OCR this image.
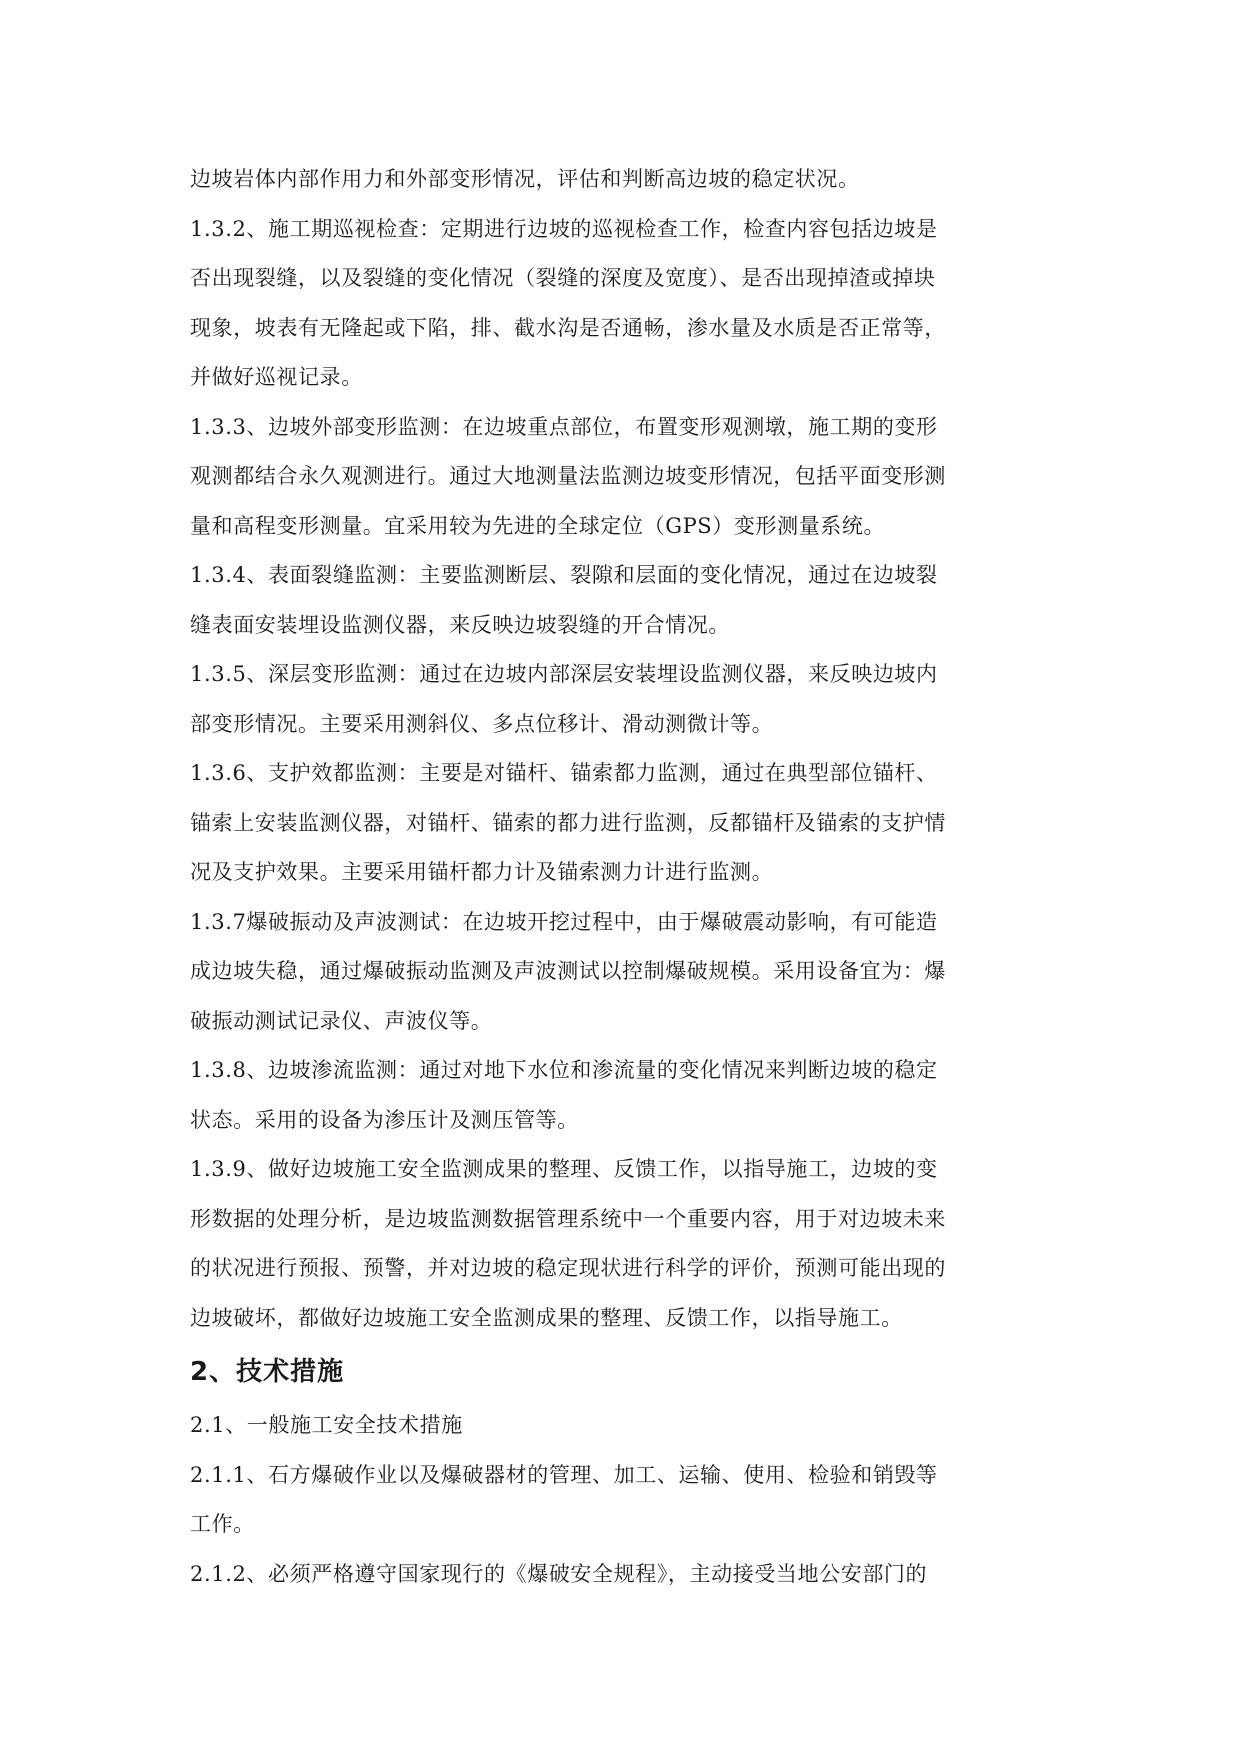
边坡岩体内部作用力和外部变形情况，评估和判断高边坡的稳定状况。
1.3.2、施工期巡视检查：定期进行边坡的巡视检查工作，检查内容包括边坡是
否出现裂缝，以及裂缝的变化情况（裂缝的深度及宽度）、是否出现掉渣或掉块
现象，坡表有无隆起或下陷，排、截水沟是否通畅，渗水量及水质是否正常等，
并做好巡视记录。
1.3.3、边坡外部变形监测：在边坡重点部位，布置变形观测墩，施工期的变形
观测都结合永久观测进行。通过大地测量法监测边坡变形情况，包括平面变形测
量和高程变形测量。宜采用较为先进的全球定位（GPS）变形测量系统。
1.3.4、表面裂缝监测：主要监测断层、裂隙和层面的变化情况，通过在边坡裂
缝表面安装埋设监测仪器，来反映边坡裂缝的开合情况。
1.3.5、深层变形监测：通过在边坡内部深层安装埋设监测仪器，来反映边坡内
部变形情况。主要采用测斜仪、多点位移计、滑动测微计等。
1.3.6、支护效都监测：主要是对锚杆、锚索都力监测，通过在典型部位锚杆、
锚索上安装监测仪器，对锚杆、锚索的都力进行监测，反都锚杆及锚索的支护情
况及支护效果。主要采用锚杆都力计及锚索测力计进行监测。
1.3.7爆破振动及声波测试：在边坡开挖过程中，由于爆破震动影响，有可能造
成边坡失稳，通过爆破振动监测及声波测试以控制爆破规模。采用设备宜为：爆
破振动测试记录仪、声波仪等。
1.3.8、边坡渗流监测：通过对地下水位和渗流量的变化情况来判断边坡的稳定
状态。采用的设备为渗压计及测压管等。
1.3.9、做好边坡施工安全监测成果的整理、反馈工作，以指导施工，边坡的变
形数据的处理分析，是边坡监测数据管理系统中一个重要内容，用于对边坡未来
的状况进行预报、预警，并对边坡的稳定现状进行科学的评价，预测可能出现的
边坡破坏，都做好边坡施工安全监测成果的整理、反馈工作，以指导施工。
2、技术措施
2.1、一般施工安全技术措施
2.1.1、石方爆破作业以及爆破器材的管理、加工、运输、使用、检验和销毁等
工作。
2.1.2、必须严格遵守国家现行的《爆破安全规程》，主动接受当地公安部门的
